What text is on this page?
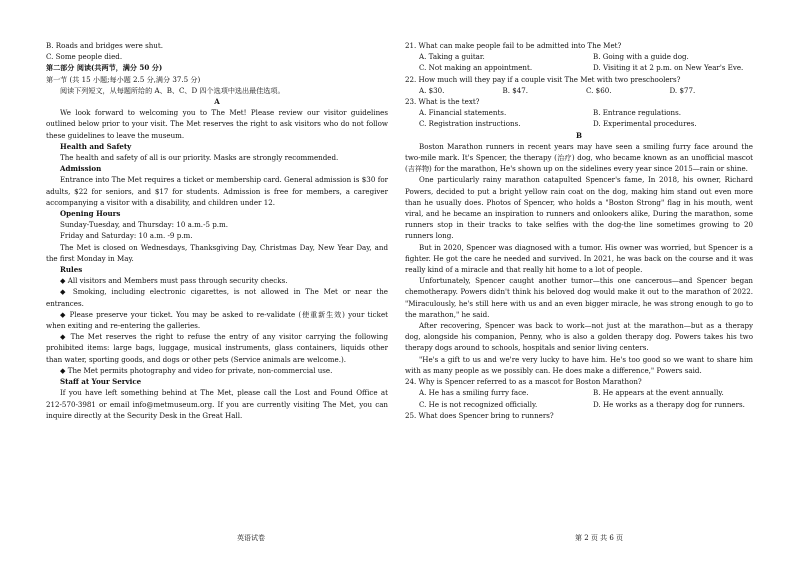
B. Roads and bridges were shut.

C. Some people died.

第二部分 阅读(共两节，满分 50 分)

第一节 (共 15 小题;每小题 2.5 分,满分 37.5 分)

阅读下列短文，从每题所给的 A、B、C、D 四个选项中选出最佳选项。

A

We look forward to welcoming you to The Met! Please review our visitor guidelines outlined below prior to your visit. The Met reserves the right to ask visitors who do not follow these guidelines to leave the museum.

Health and Safety

The health and safety of all is our priority. Masks are strongly recommended.

Admission

Entrance into The Met requires a ticket or membership card. General admission is $30 for adults, $22 for seniors, and $17 for students. Admission is free for members, a caregiver accompanying a visitor with a disability, and children under 12.

Opening Hours

Sunday-Tuesday, and Thursday: 10 a.m.-5 p.m.

Friday and Saturday: 10 a.m. -9 p.m.

The Met is closed on Wednesdays, Thanksgiving Day, Christmas Day, New Year Day, and the first Monday in May.

Rules

◆ All visitors and Members must pass through security checks.
◆ Smoking, including electronic cigarettes, is not allowed in The Met or near the entrances.
◆ Please preserve your ticket. You may be asked to re-validate (使重新生效) your ticket when exiting and re-entering the galleries.
◆ The Met reserves the right to refuse the entry of any visitor carrying the following prohibited items: large bags, luggage, musical instruments, glass containers, liquids other than water, sporting goods, and dogs or other pets (Service animals are welcome.).
◆ The Met permits photography and video for private, non-commercial use.

Staff at Your Service

If you have left something behind at The Met, please call the Lost and Found Office at 212-570-3981 or email info@metmuseum.org. If you are currently visiting The Met, you can inquire directly at the Security Desk in the Great Hall.

21. What can make people fail to be admitted into The Met?

A. Taking a guitar.	B. Going with a guide dog.
C. Not making an appointment.	D. Visiting it at 2 p.m. on New Year's Eve.

22. How much will they pay if a couple visit The Met with two preschoolers?

A. $30.	B. $47.	C. $60.	D. $77.

23. What is the text?

A. Financial statements.	B. Entrance regulations.
C. Registration instructions.	D. Experimental procedures.

B

Boston Marathon runners in recent years may have seen a smiling furry face around the two-mile mark. It's Spencer, the therapy (治疗) dog, who became known as an unofficial mascot (吉祥物) for the marathon, He's shown up on the sidelines every year since 2015—rain or shine.

One particularly rainy marathon catapulted Spencer's fame, In 2018, his owner, Richard Powers, decided to put a bright yellow rain coat on the dog, making him stand out even more than he usually does. Photos of Spencer, who holds a "Boston Strong" flag in his mouth, went viral, and he became an inspiration to runners and onlookers alike, During the marathon, some runners stop in their tracks to take selfies with the dog-the line sometimes growing to 20 runners long.

But in 2020, Spencer was diagnosed with a tumor. His owner was worried, but Spencer is a fighter. He got the care he needed and survived. In 2021, he was back on the course and it was really kind of a miracle and that really hit home to a lot of people.

Unfortunately, Spencer caught another tumor—this one cancerous—and Spencer began chemotherapy. Powers didn't think his beloved dog would make it out to the marathon of 2022. "Miraculously, he's still here with us and an even bigger miracle, he was strong enough to go to the marathon," he said.

After recovering, Spencer was back to work—not just at the marathon—but as a therapy dog, alongside his companion, Penny, who is also a golden therapy dog. Powers takes his two therapy dogs around to schools, hospitals and senior living centers.

"He's a gift to us and we're very lucky to have him. He's too good so we want to share him with as many people as we possibly can. He does make a difference," Powers said.

24. Why is Spencer referred to as a mascot for Boston Marathon?

A. He has a smiling furry face.	B. He appears at the event annually.
C. He is not recognized officially.	D. He works as a therapy dog for runners.

25. What does Spencer bring to runners?

英语试卷	第 2 页 共 6 页
